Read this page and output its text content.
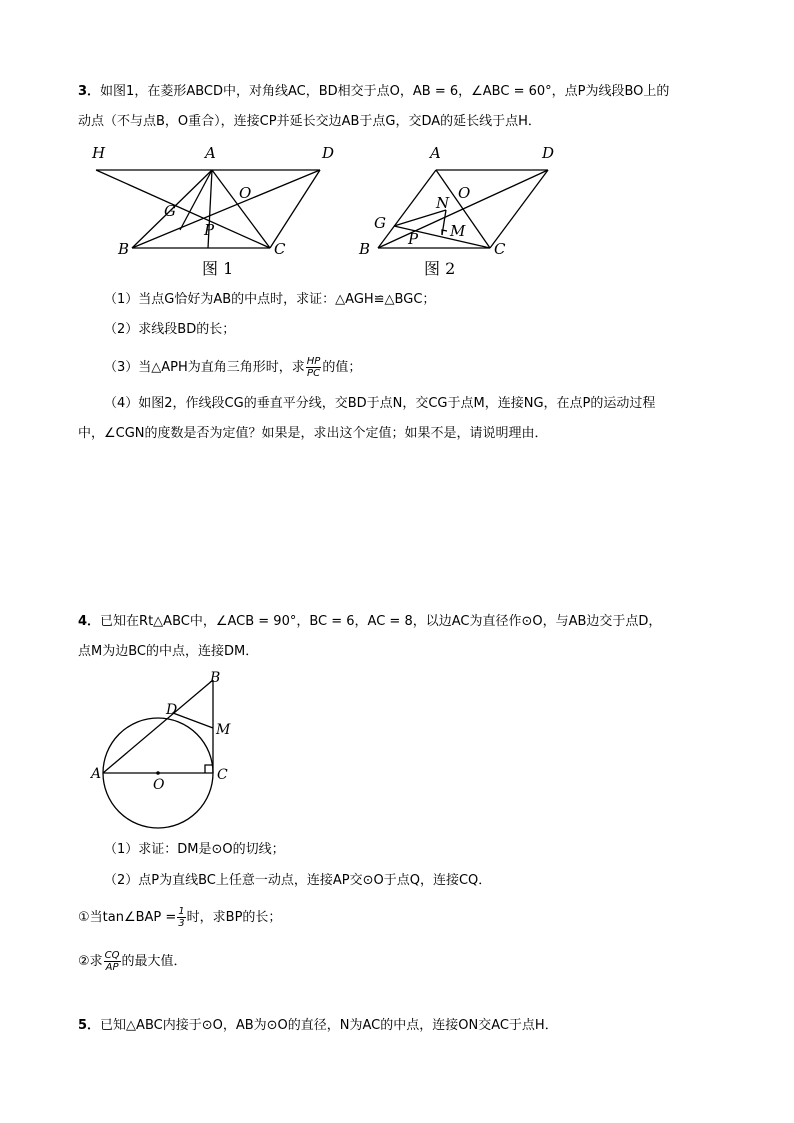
3．如图1，在菱形ABCD中，对角线AC，BD相交于点O，AB = 6，∠ABC = 60°，点P为线段BO上的
动点（不与点B，O重合），连接CP并延长交边AB于点G，交DA的延长线于点H．
H	A	D
G
O
P
B	C
图 1
A	D
O
N
G	M
P
B	C
图 2
（1）当点G恰好为AB的中点时，求证：△AGH≌△BGC；
（2）求线段BD的长；
（3）当△APH为直角三角形时，求 $\frac{HP}{PC}$ 的值；
（4）如图2，作线段CG的垂直平分线，交BD于点N，交CG于点M，连接NG，在点P的运动过程
中，∠CGN的度数是否为定值？如果是，求出这个定值；如果不是，请说明理由．
4．已知在Rt△ABC中，∠ACB = 90°，BC = 6，AC = 8，以边AC为直径作⊙O，与AB边交于点D，
点M为边BC的中点，连接DM．
B
D
M
A
O
C
（1）求证：DM是⊙O的切线；
（2）点P为直线BC上任意一动点，连接AP交⊙O于点Q，连接CQ．
①当tan∠BAP = $\frac{1}{3}$ 时，求BP的长；
②求 $\frac{CQ}{AP}$ 的最大值．
5．已知△ABC内接于⊙O，AB为⊙O的直径，N为AC的中点，连接ON交AC于点H．
